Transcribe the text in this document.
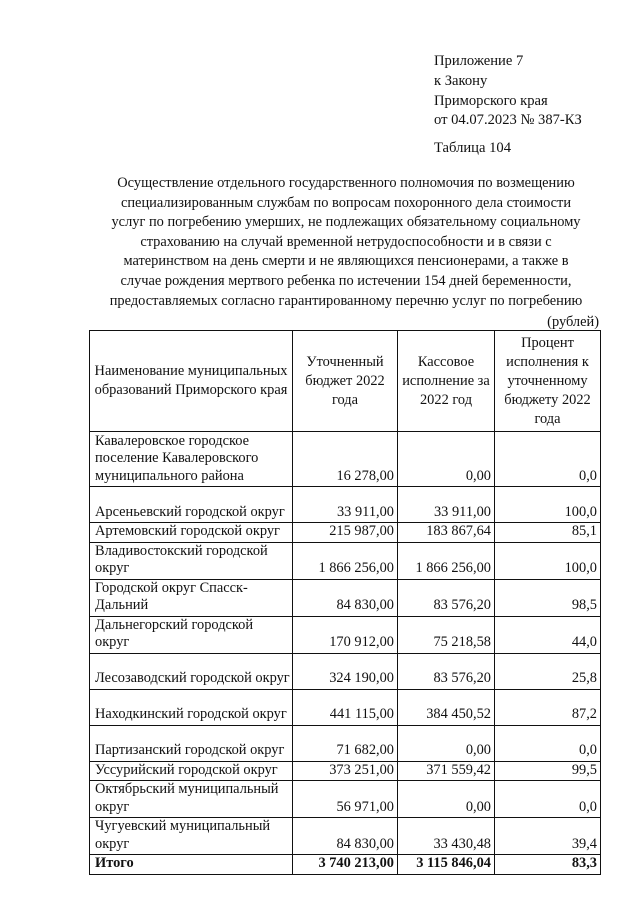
Приложение 7
к Закону
Приморского края
от 04.07.2023 № 387-КЗ
Таблица 104
Осуществление отдельного государственного полномочия по возмещению
специализированным службам по вопросам похоронного дела стоимости
услуг по погребению умерших, не подлежащих обязательному социальному
страхованию на случай временной нетрудоспособности и в связи с
материнством на день смерти и не являющихся пенсионерами, а также в
случае рождения мертвого ребенка по истечении 154 дней беременности,
предоставляемых согласно гарантированному перечню услуг по погребению
(рублей)
Наименование муниципальных образований Приморского края	Уточненный бюджет 2022 года	Кассовое исполнение за 2022 год	Процент исполнения к уточненному бюджету 2022 года
Кавалеровское городское поселение Кавалеровского муниципального района	16 278,00	0,00	0,0
Арсеньевский городской округ	33 911,00	33 911,00	100,0
Артемовский городской округ	215 987,00	183 867,64	85,1
Владивостокский городской округ	1 866 256,00	1 866 256,00	100,0
Городской округ Спасск-Дальний	84 830,00	83 576,20	98,5
Дальнегорский городской округ	170 912,00	75 218,58	44,0
Лесозаводский городской округ	324 190,00	83 576,20	25,8
Находкинский городской округ	441 115,00	384 450,52	87,2
Партизанский городской округ	71 682,00	0,00	0,0
Уссурийский городской округ	373 251,00	371 559,42	99,5
Октябрьский муниципальный округ	56 971,00	0,00	0,0
Чугуевский муниципальный округ	84 830,00	33 430,48	39,4
Итого	3 740 213,00	3 115 846,04	83,3
